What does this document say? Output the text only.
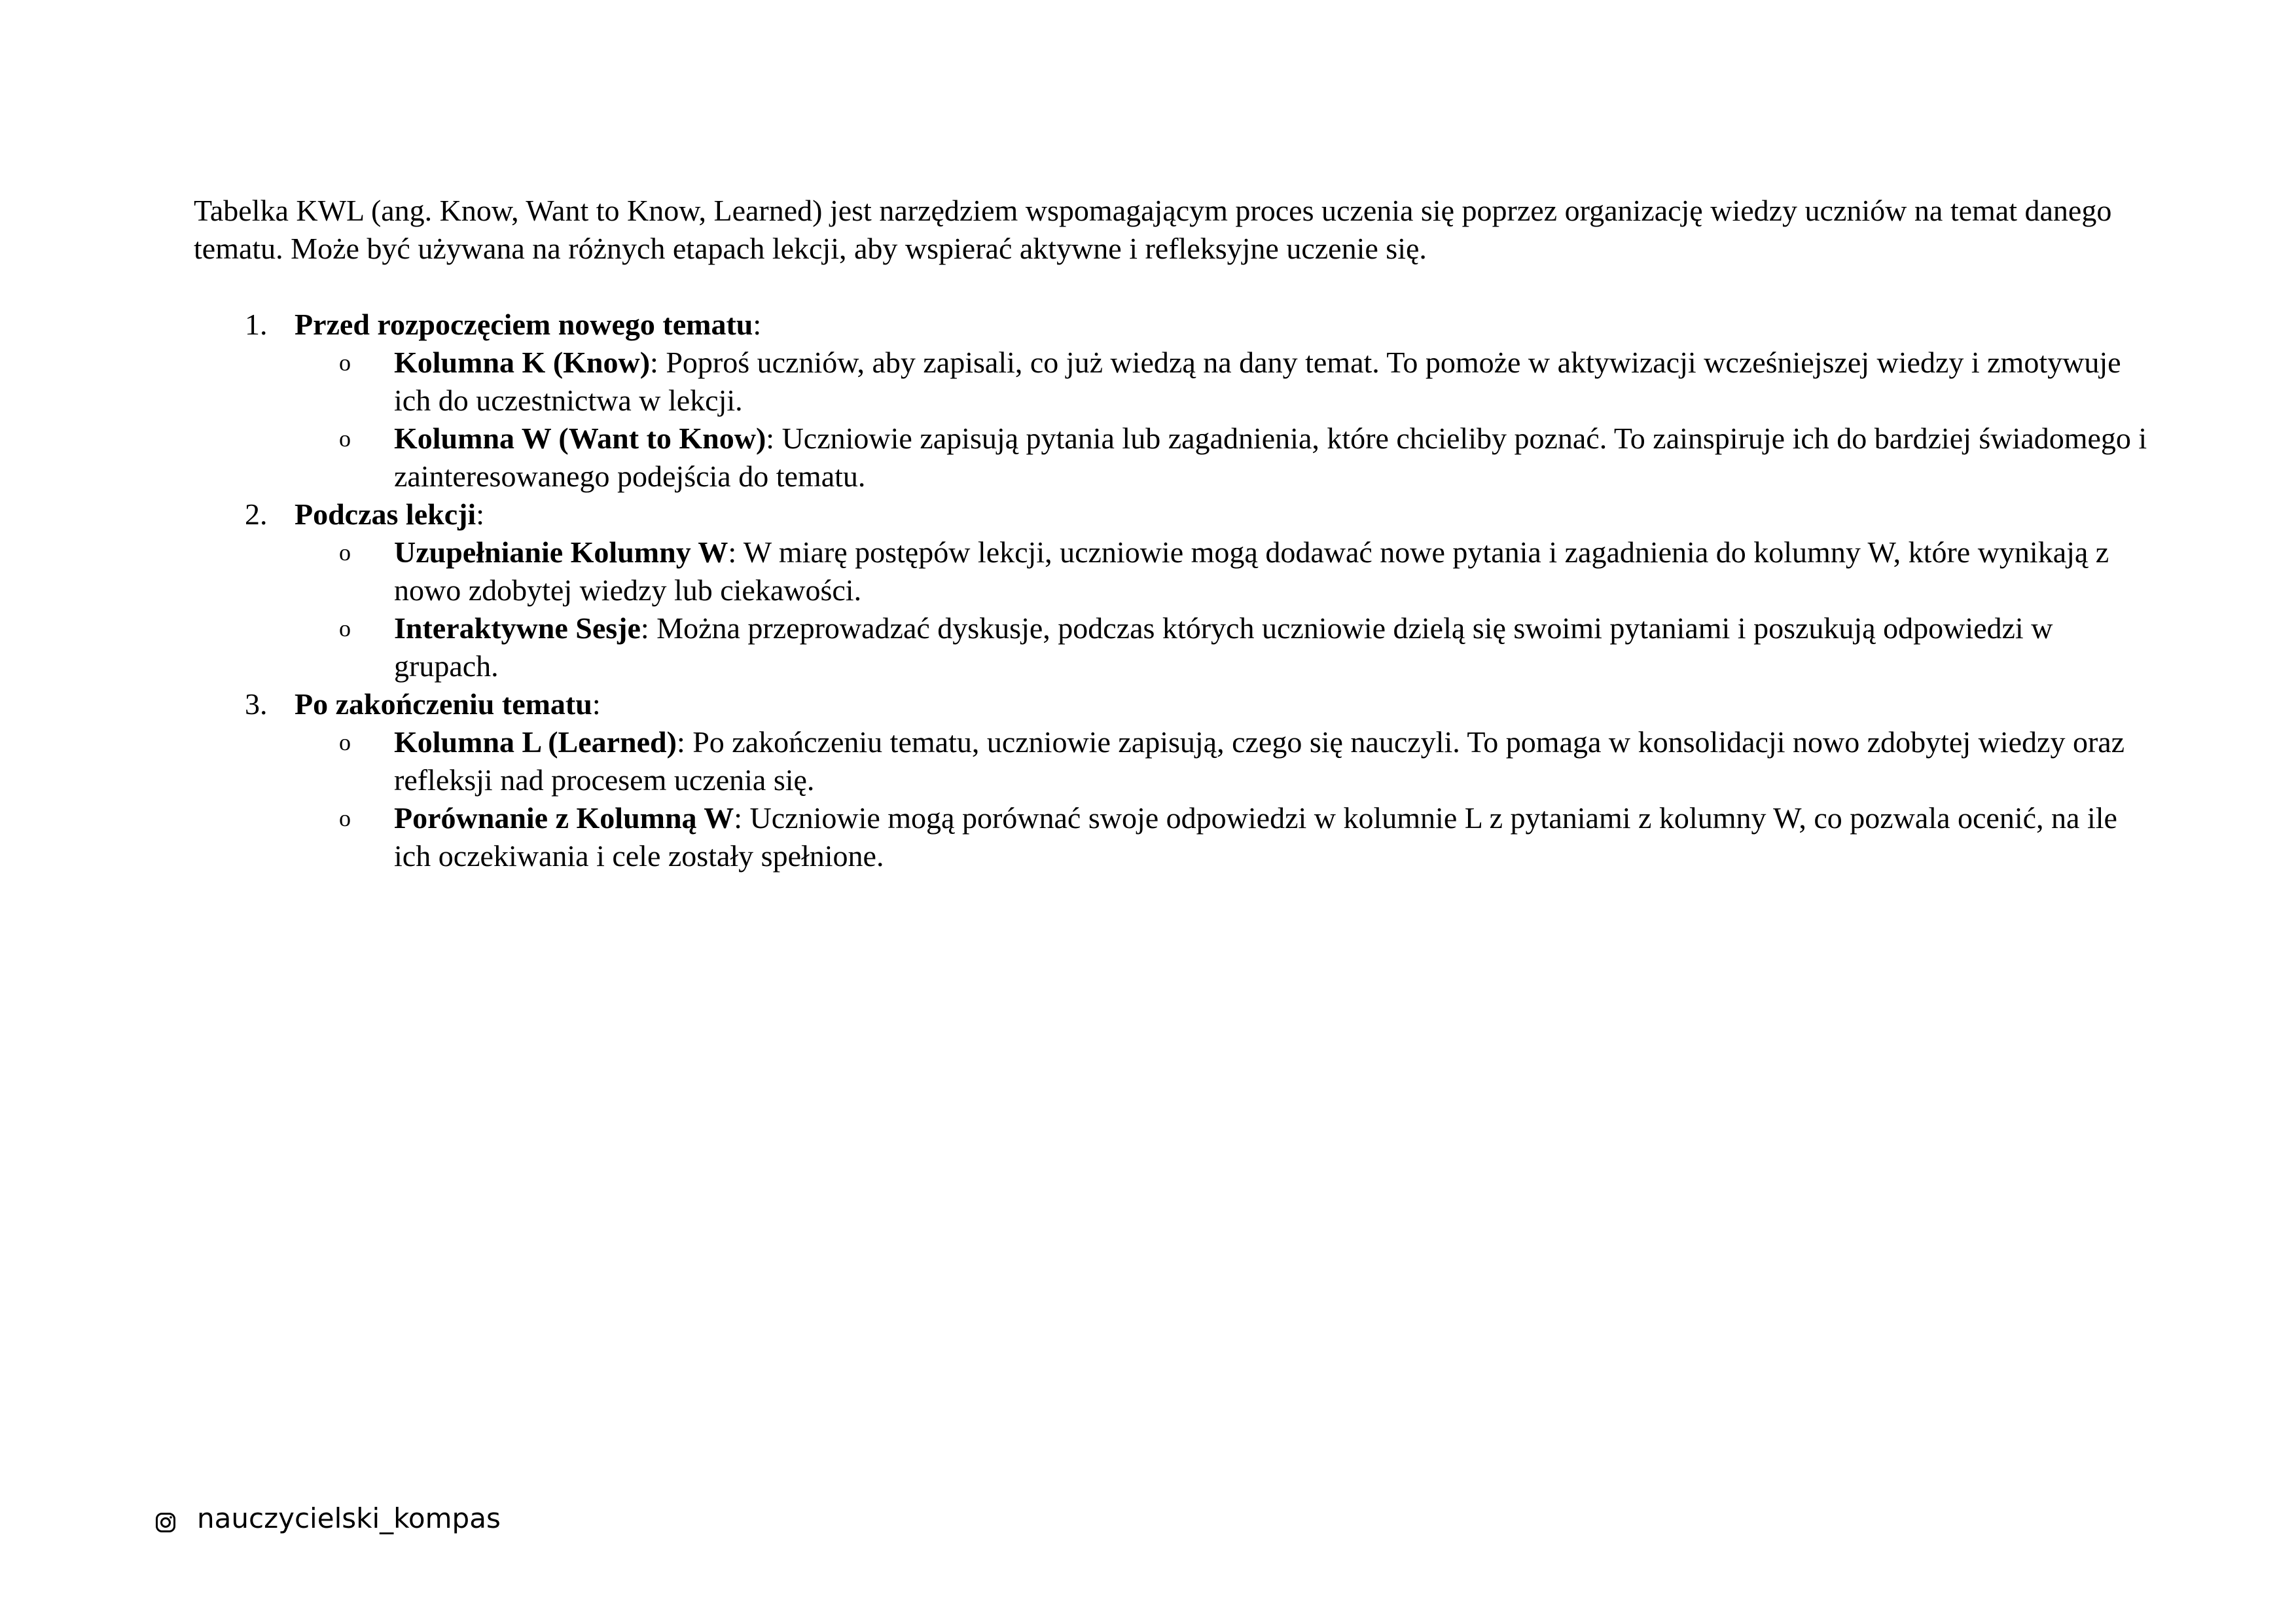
Tabelka KWL (ang. Know, Want to Know, Learned) jest narzędziem wspomagającym proces uczenia się poprzez organizację wiedzy uczniów na temat danego tematu. Może być używana na różnych etapach lekcji, aby wspierać aktywne i refleksyjne uczenie się.

1. Przed rozpoczęciem nowego tematu:
o Kolumna K (Know): Poproś uczniów, aby zapisali, co już wiedzą na dany temat. To pomoże w aktywizacji wcześniejszej wiedzy i zmotywuje ich do uczestnictwa w lekcji.
o Kolumna W (Want to Know): Uczniowie zapisują pytania lub zagadnienia, które chcieliby poznać. To zainspiruje ich do bardziej świadomego i zainteresowanego podejścia do tematu.
2. Podczas lekcji:
o Uzupełnianie Kolumny W: W miarę postępów lekcji, uczniowie mogą dodawać nowe pytania i zagadnienia do kolumny W, które wynikają z nowo zdobytej wiedzy lub ciekawości.
o Interaktywne Sesje: Można przeprowadzać dyskusje, podczas których uczniowie dzielą się swoimi pytaniami i poszukują odpowiedzi w grupach.
3. Po zakończeniu tematu:
o Kolumna L (Learned): Po zakończeniu tematu, uczniowie zapisują, czego się nauczyli. To pomaga w konsolidacji nowo zdobytej wiedzy oraz refleksji nad procesem uczenia się.
o Porównanie z Kolumną W: Uczniowie mogą porównać swoje odpowiedzi w kolumnie L z pytaniami z kolumny W, co pozwala ocenić, na ile ich oczekiwania i cele zostały spełnione.
nauczycielski_kompas
